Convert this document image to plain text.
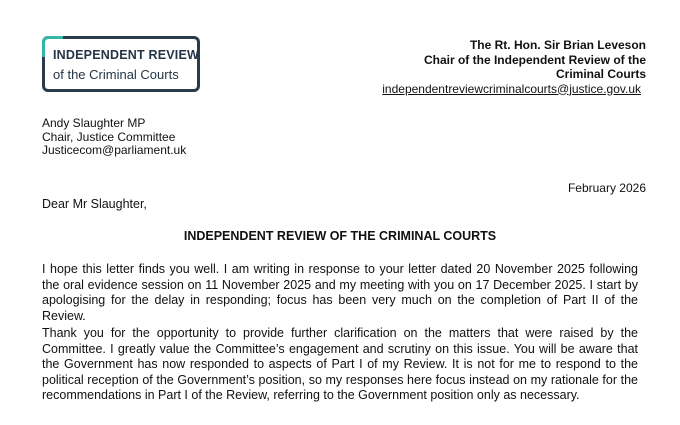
INDEPENDENT REVIEW
of the Criminal Courts
The Rt. Hon. Sir Brian Leveson
Chair of the Independent Review of the
Criminal Courts
independentreviewcriminalcourts@justice.gov.uk
Andy Slaughter MP
Chair, Justice Committee
Justicecom@parliament.uk
February 2026
Dear Mr Slaughter,
INDEPENDENT REVIEW OF THE CRIMINAL COURTS
I hope this letter finds you well. I am writing in response to your letter dated 20 November 2025 following the oral evidence session on 11 November 2025 and my meeting with you on 17 December 2025. I start by apologising for the delay in responding; focus has been very much on the completion of Part II of the Review.
Thank you for the opportunity to provide further clarification on the matters that were raised by the Committee. I greatly value the Committee’s engagement and scrutiny on this issue. You will be aware that the Government has now responded to aspects of Part I of my Review. It is not for me to respond to the political reception of the Government’s position, so my responses here focus instead on my rationale for the recommendations in Part I of the Review, referring to the Government position only as necessary.
